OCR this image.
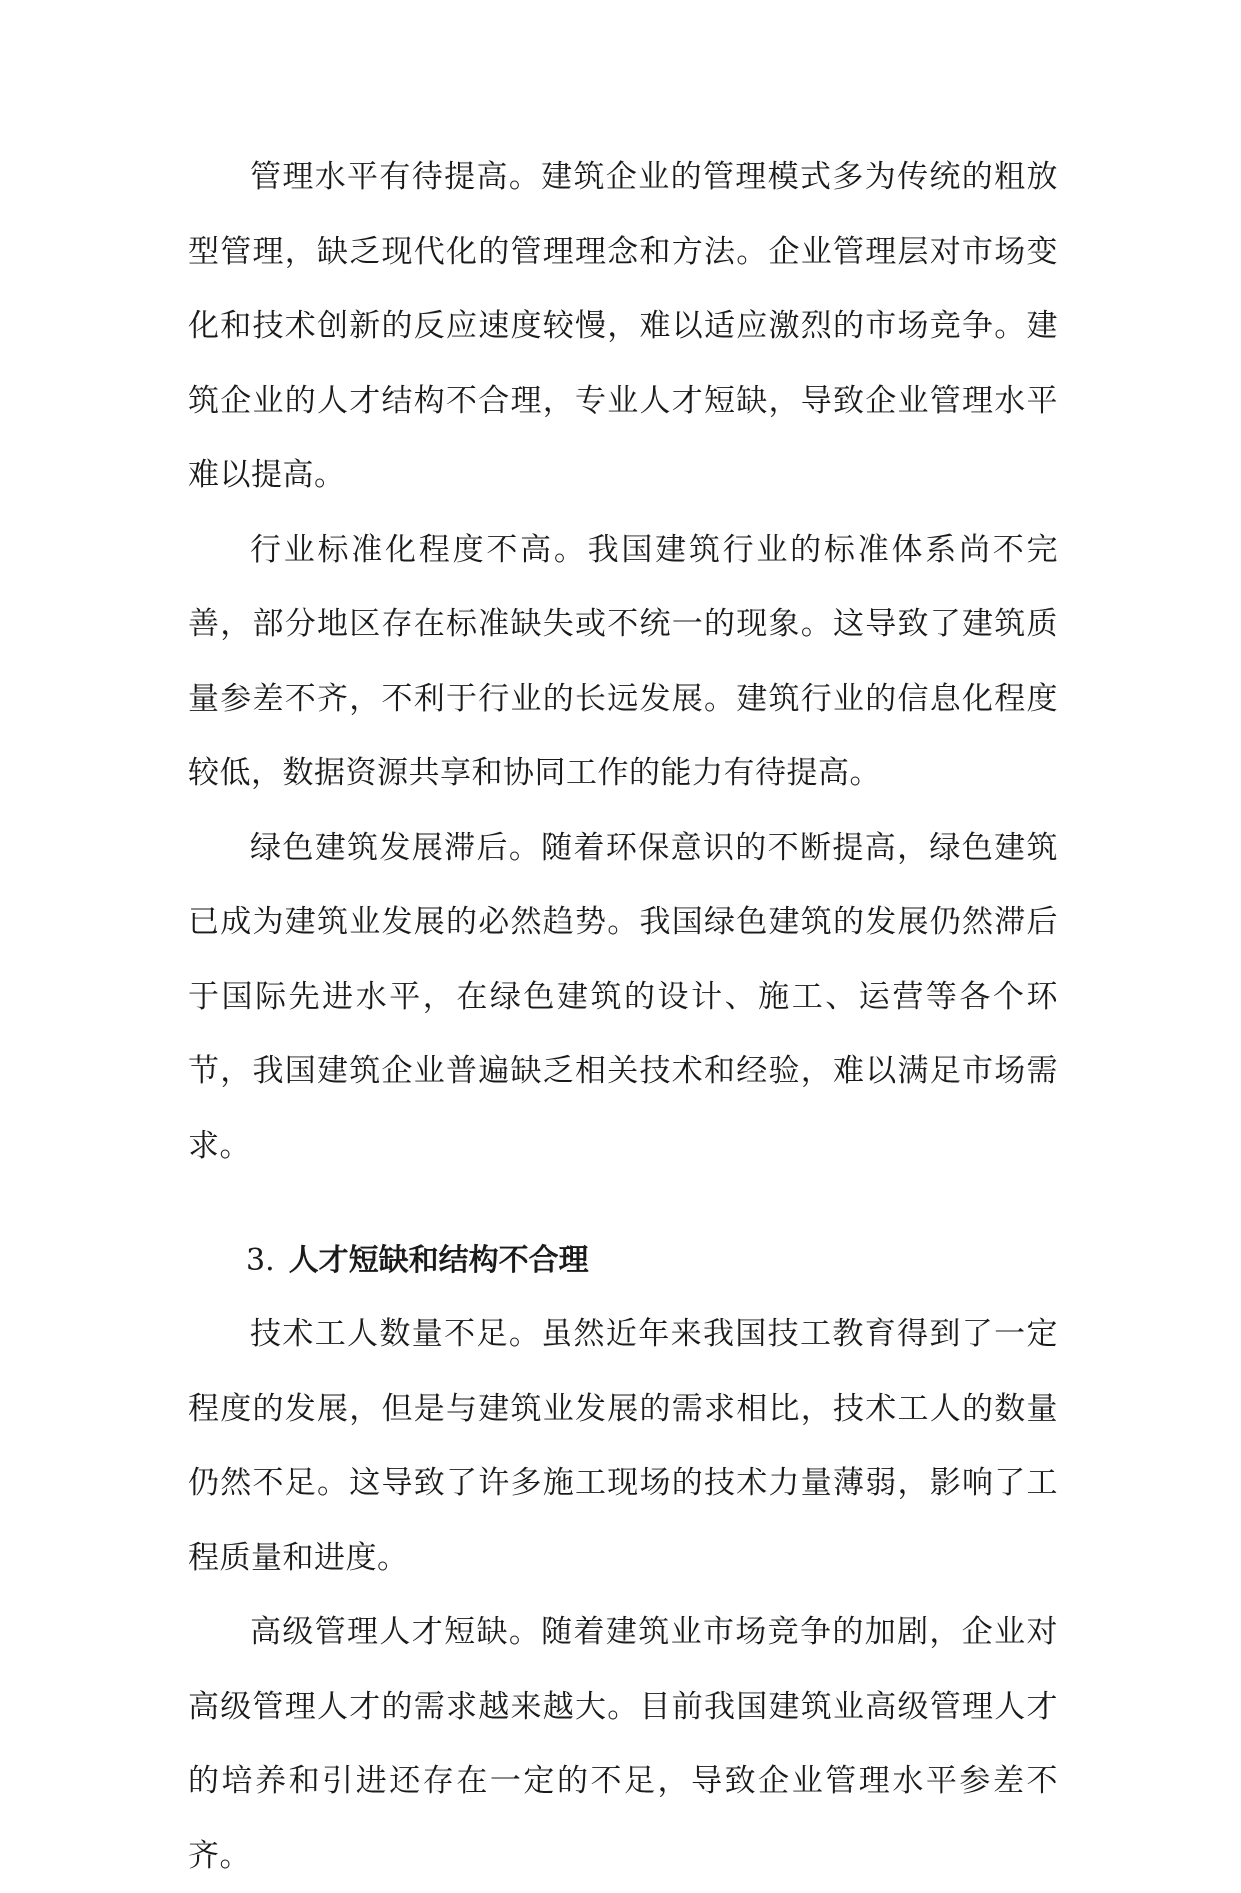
管理水平有待提高。建筑企业的管理模式多为传统的粗放型管理，缺乏现代化的管理理念和方法。企业管理层对市场变化和技术创新的反应速度较慢，难以适应激烈的市场竞争。建筑企业的人才结构不合理，专业人才短缺，导致企业管理水平难以提高。

行业标准化程度不高。我国建筑行业的标准体系尚不完善，部分地区存在标准缺失或不统一的现象。这导致了建筑质量参差不齐，不利于行业的长远发展。建筑行业的信息化程度较低，数据资源共享和协同工作的能力有待提高。

绿色建筑发展滞后。随着环保意识的不断提高，绿色建筑已成为建筑业发展的必然趋势。我国绿色建筑的发展仍然滞后于国际先进水平，在绿色建筑的设计、施工、运营等各个环节，我国建筑企业普遍缺乏相关技术和经验，难以满足市场需求。

3. 人才短缺和结构不合理

技术工人数量不足。虽然近年来我国技工教育得到了一定程度的发展，但是与建筑业发展的需求相比，技术工人的数量仍然不足。这导致了许多施工现场的技术力量薄弱，影响了工程质量和进度。

高级管理人才短缺。随着建筑业市场竞争的加剧，企业对高级管理人才的需求越来越大。目前我国建筑业高级管理人才的培养和引进还存在一定的不足，导致企业管理水平参差不齐。
